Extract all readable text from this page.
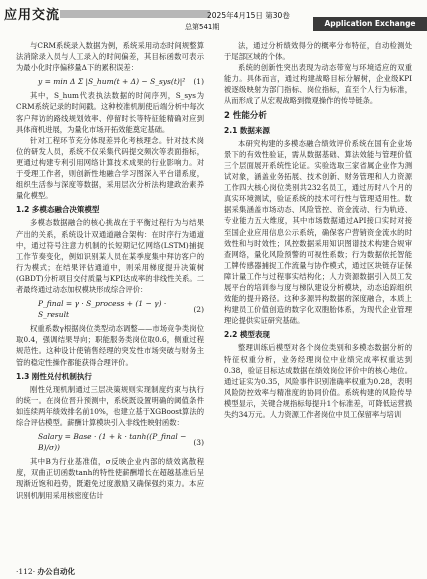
应用交流	2025年4月15日 第30卷
总第541期	Application Exchange

与CRM系统录入数据为例，系统采用动态时间规整算法消除录入员与人工录入的时间偏差，其目标函数可表示为最小化时序偏移量Δ下的累积误差：

y = min Δ Σ |S_hum(t + Δ) − S_sys(t)|² (1)

其中，S_hum代表执法数据的时间序列，S_sys为CRM系统记录的时间戳。这种校准机制使后端分析中每次客户拜访的路线规划效率、停留时长等特征能精确对应到具体商机进展，为量化市场开拓效能奠定基础。

针对工程环节充分体现差异化考核理念。针对技术岗位的研发人员，系统不仅采集代码提交频次等表面指标，更通过构建专利引用网络计算技术成果的行业影响力。对于受理工作者，则创新性地融合学习图深入平台谱系度，组织生活参与深度等数据，采用层次分析法构建政治素养量化模型。

1.2 多模态融合决策模型

多模态数据融合的核心挑战在于平衡过程行为与结果产出的关系，系统设计双通道融合架构：在时序行为通道中，通过符号注意力机制的长短期记忆网络(LSTM)捕捉工作节奏变化，例如识别某人员在某季度集中拜访客户的行为模式；在结果评估通道中，则采用梯度提升决策树(GBDT)分析项目交付质量与KPI达成率的非线性关系。二者最终通过动态加权模块形成综合评价：

P_final = γ · S_process + (1 − γ) · S_result
(2)

权重系数γ根据岗位类型动态调整——市场竞争类岗位取0.4，强调结果导向；职能服务类岗位取0.6，侧重过程规范性。这种设计使销售经理的突发性市场突破与财务主管的稳定性操作都能获得合理评价。

1.3 刚性兑付机制执行

刚性兑现机制通过三层决策规则实现制度约束与执行的统一。在岗位晋升预测中，系统既设置明确的阈值条件如连续两年绩效排名前10%，也建立基于XGBoost算法的综合评估模型。薪酬计算模块引入非线性映射函数：

Salary = Base · (1 + k · tanh((P_final − B)/σ))
(3)

其中B为行业基准值，σ反映企业内部的绩效离散程度，双曲正切函数tanh的特性使薪酬增长在超越基准后呈现渐近饱和趋势，既避免过度激励又确保强约束力。本应识别机制用采用核密度估计

法，通过分析绩效得分的概率分布特征，自动检测处于尾部区域的个体。

系统的创新性突出表现为动态带宽与环境适应的双重能力。具体而言，通过构建战略目标分解树，企业级KPI被逐级映射为部门指标、岗位指标，直至个人行为标准，从而形成了从宏观战略到微观操作的传导链条。

2 性能分析
2.1 数据来源

本研究构建的多模态融合绩效评价系统在国有企业场景下的有效性验证，需从数据基础、算法效能与管理价值三个层面展开系统性论证。实验选取三家省属企业作为测试对象，涵盖业务拓展、技术创新、财务管理和人力资源工作四大核心岗位类别共232名员工，通过历时八个月的真实环境测试，验证系统的技术可行性与管理适用性。数据采集涵盖市场动态、风险管控、资金流动、行为轨迹、专业能力五大维度，其中市场数据通过API接口实时对接至国企业应用信息公示系统，确保客户营销资金流水的时效性和与时效性；风控数据采用知识图谱技术构建合规审查网络，量化风险预警的可视性系数；行为数据依托智能工牌传感器捕捉工作流量与协作模式，通过区块链存证保障计量工作与过程事实结构化；人力资源数据引入员工发展平台的培训参与度与梯队建设分析模块，动态追踪组织效能的提升路径。这种多源异构数据的深度融合，本质上构建员工价值创造的数字化双胞胎体系，为现代企业管理理论提供实证研究基础。

2.2 模型表现

整理训练后模型对各个岗位类别和多模态数据分析的特征权重分析，业务经理岗位中业绩完成率权重达到0.38，验证目标达成数据在绩效岗位评价中的核心地位。通过证实为0.35，风险事件识别准确率权重为0.28，表明风险防控效率与精准度的协同价值。系统构建的风险传导模型显示，关键合规指标每提升1个标准差，可降低运营损失约34万元。人力资源工作者岗位中员工保留率与培训

·112· 办公自动化
